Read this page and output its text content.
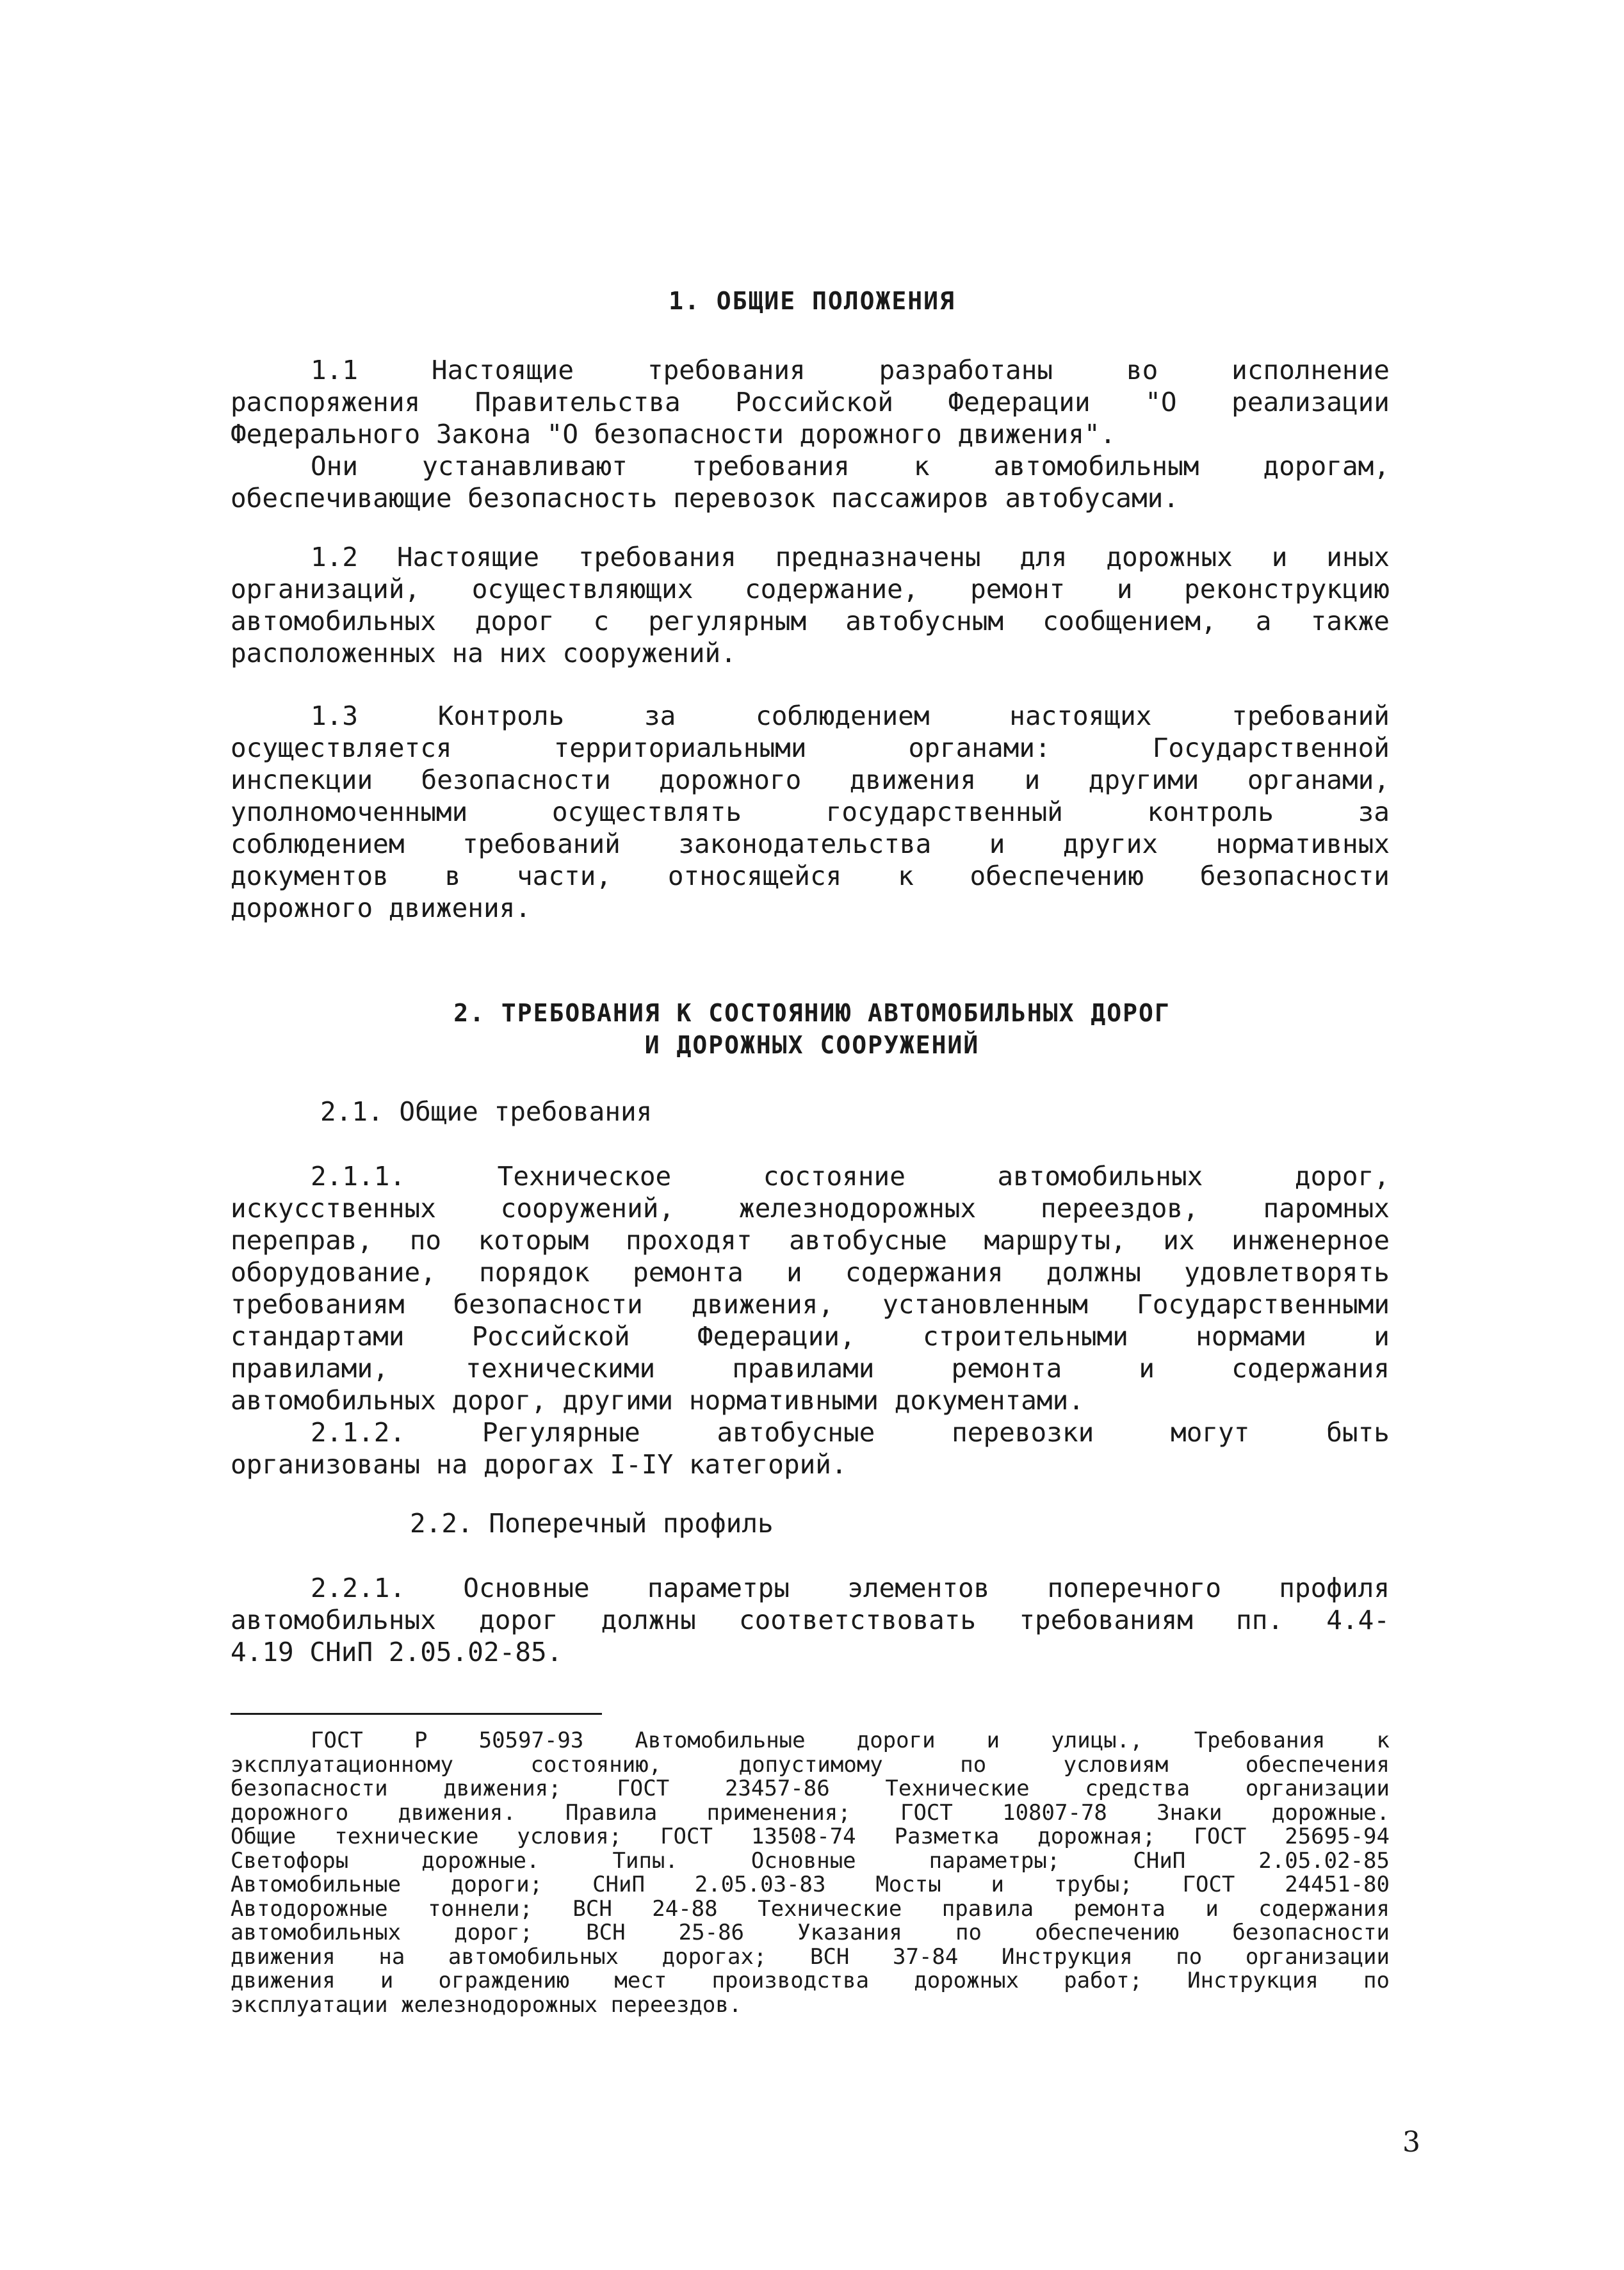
1. ОБЩИЕ ПОЛОЖЕНИЯ
1.1 Настоящие требования разработаны во исполнение
распоряжения Правительства Российской Федерации "О реализации
Федерального Закона "О безопасности дорожного движения".
Они устанавливают требования к автомобильным дорогам,
обеспечивающие безопасность перевозок пассажиров автобусами.
1.2 Настоящие требования предназначены для дорожных и иных
организаций, осуществляющих содержание, ремонт и реконструкцию
автомобильных дорог с регулярным автобусным сообщением, а также
расположенных на них сооружений.
1.3 Контроль за соблюдением настоящих требований
осуществляется территориальными органами: Государственной
инспекции безопасности дорожного движения и другими органами,
уполномоченными осуществлять государственный контроль за
соблюдением требований законодательства и других нормативных
документов в части, относящейся к обеспечению безопасности
дорожного движения.
2. ТРЕБОВАНИЯ К СОСТОЯНИЮ АВТОМОБИЛЬНЫХ ДОРОГ
И ДОРОЖНЫХ СООРУЖЕНИЙ
2.1. Общие требования
2.1.1. Техническое состояние автомобильных дорог,
искусственных сооружений, железнодорожных переездов, паромных
переправ, по которым проходят автобусные маршруты, их инженерное
оборудование, порядок ремонта и содержания должны удовлетворять
требованиям безопасности движения, установленным Государственными
стандартами Российской Федерации, строительными нормами и
правилами, техническими правилами ремонта и содержания
автомобильных дорог, другими нормативными документами.
2.1.2. Регулярные автобусные перевозки могут быть
организованы на дорогах I-IY категорий.
2.2. Поперечный профиль
2.2.1. Основные параметры элементов поперечного профиля
автомобильных дорог должны соответствовать требованиям пп. 4.4-
4.19 СНиП 2.05.02-85.
ГОСТ Р 50597-93 Автомобильные дороги и улицы., Требования к
эксплуатационному состоянию, допустимому по условиям обеспечения
безопасности движения; ГОСТ 23457-86 Технические средства организации
дорожного движения. Правила применения; ГОСТ 10807-78 Знаки дорожные.
Общие технические условия; ГОСТ 13508-74 Разметка дорожная; ГОСТ 25695-94
Светофоры дорожные. Типы. Основные параметры; СНиП 2.05.02-85
Автомобильные дороги; СНиП 2.05.03-83 Мосты и трубы; ГОСТ 24451-80
Автодорожные тоннели; ВСН 24-88 Технические правила ремонта и содержания
автомобильных дорог; ВСН 25-86 Указания по обеспечению безопасности
движения на автомобильных дорогах; ВСН 37-84 Инструкция по организации
движения и ограждению мест производства дорожных работ; Инструкция по
эксплуатации железнодорожных переездов.
3
